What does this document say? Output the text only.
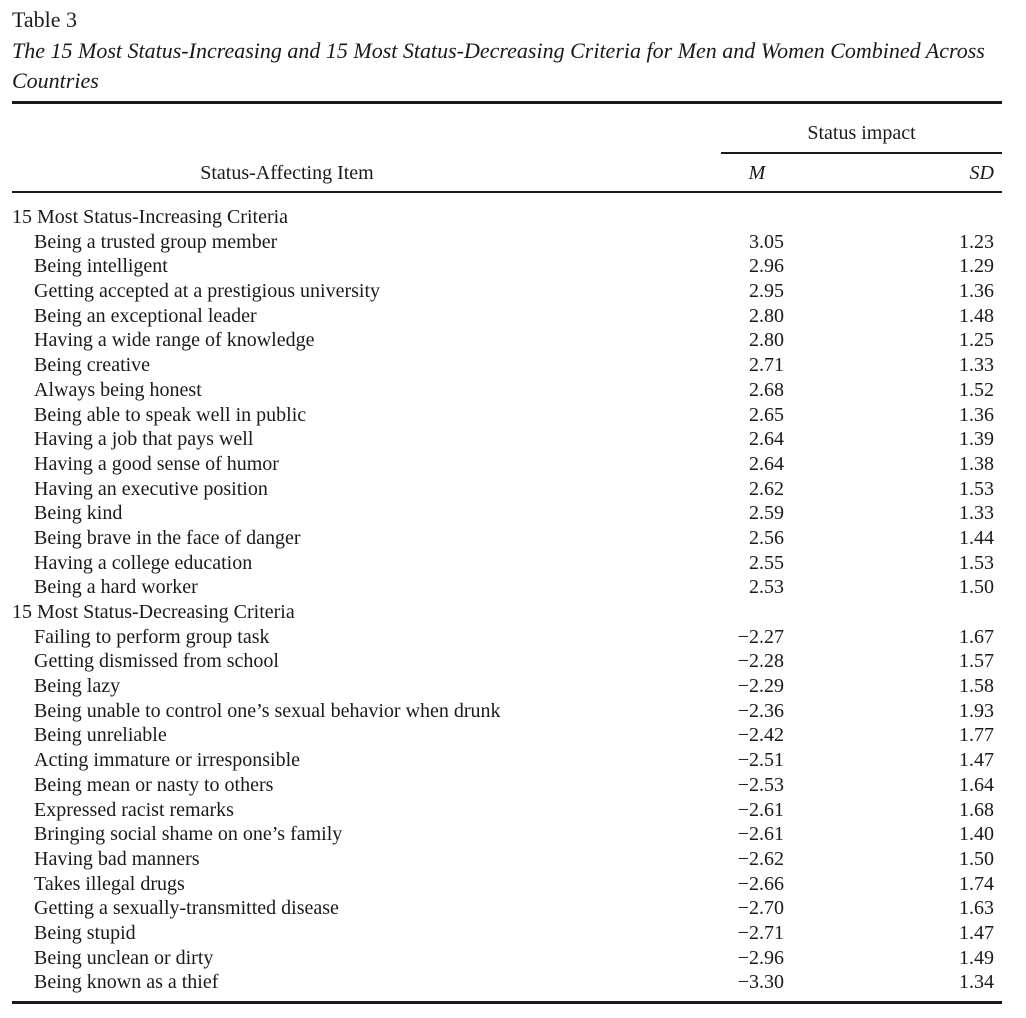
Table 3
The 15 Most Status-Increasing and 15 Most Status-Decreasing Criteria for Men and Women Combined Across Countries
Status impact
Status-Affecting Item	M	SD
15 Most Status-Increasing Criteria
Being a trusted group member	3.05	1.23
Being intelligent	2.96	1.29
Getting accepted at a prestigious university	2.95	1.36
Being an exceptional leader	2.80	1.48
Having a wide range of knowledge	2.80	1.25
Being creative	2.71	1.33
Always being honest	2.68	1.52
Being able to speak well in public	2.65	1.36
Having a job that pays well	2.64	1.39
Having a good sense of humor	2.64	1.38
Having an executive position	2.62	1.53
Being kind	2.59	1.33
Being brave in the face of danger	2.56	1.44
Having a college education	2.55	1.53
Being a hard worker	2.53	1.50
15 Most Status-Decreasing Criteria
Failing to perform group task	−2.27	1.67
Getting dismissed from school	−2.28	1.57
Being lazy	−2.29	1.58
Being unable to control one’s sexual behavior when drunk	−2.36	1.93
Being unreliable	−2.42	1.77
Acting immature or irresponsible	−2.51	1.47
Being mean or nasty to others	−2.53	1.64
Expressed racist remarks	−2.61	1.68
Bringing social shame on one’s family	−2.61	1.40
Having bad manners	−2.62	1.50
Takes illegal drugs	−2.66	1.74
Getting a sexually-transmitted disease	−2.70	1.63
Being stupid	−2.71	1.47
Being unclean or dirty	−2.96	1.49
Being known as a thief	−3.30	1.34
